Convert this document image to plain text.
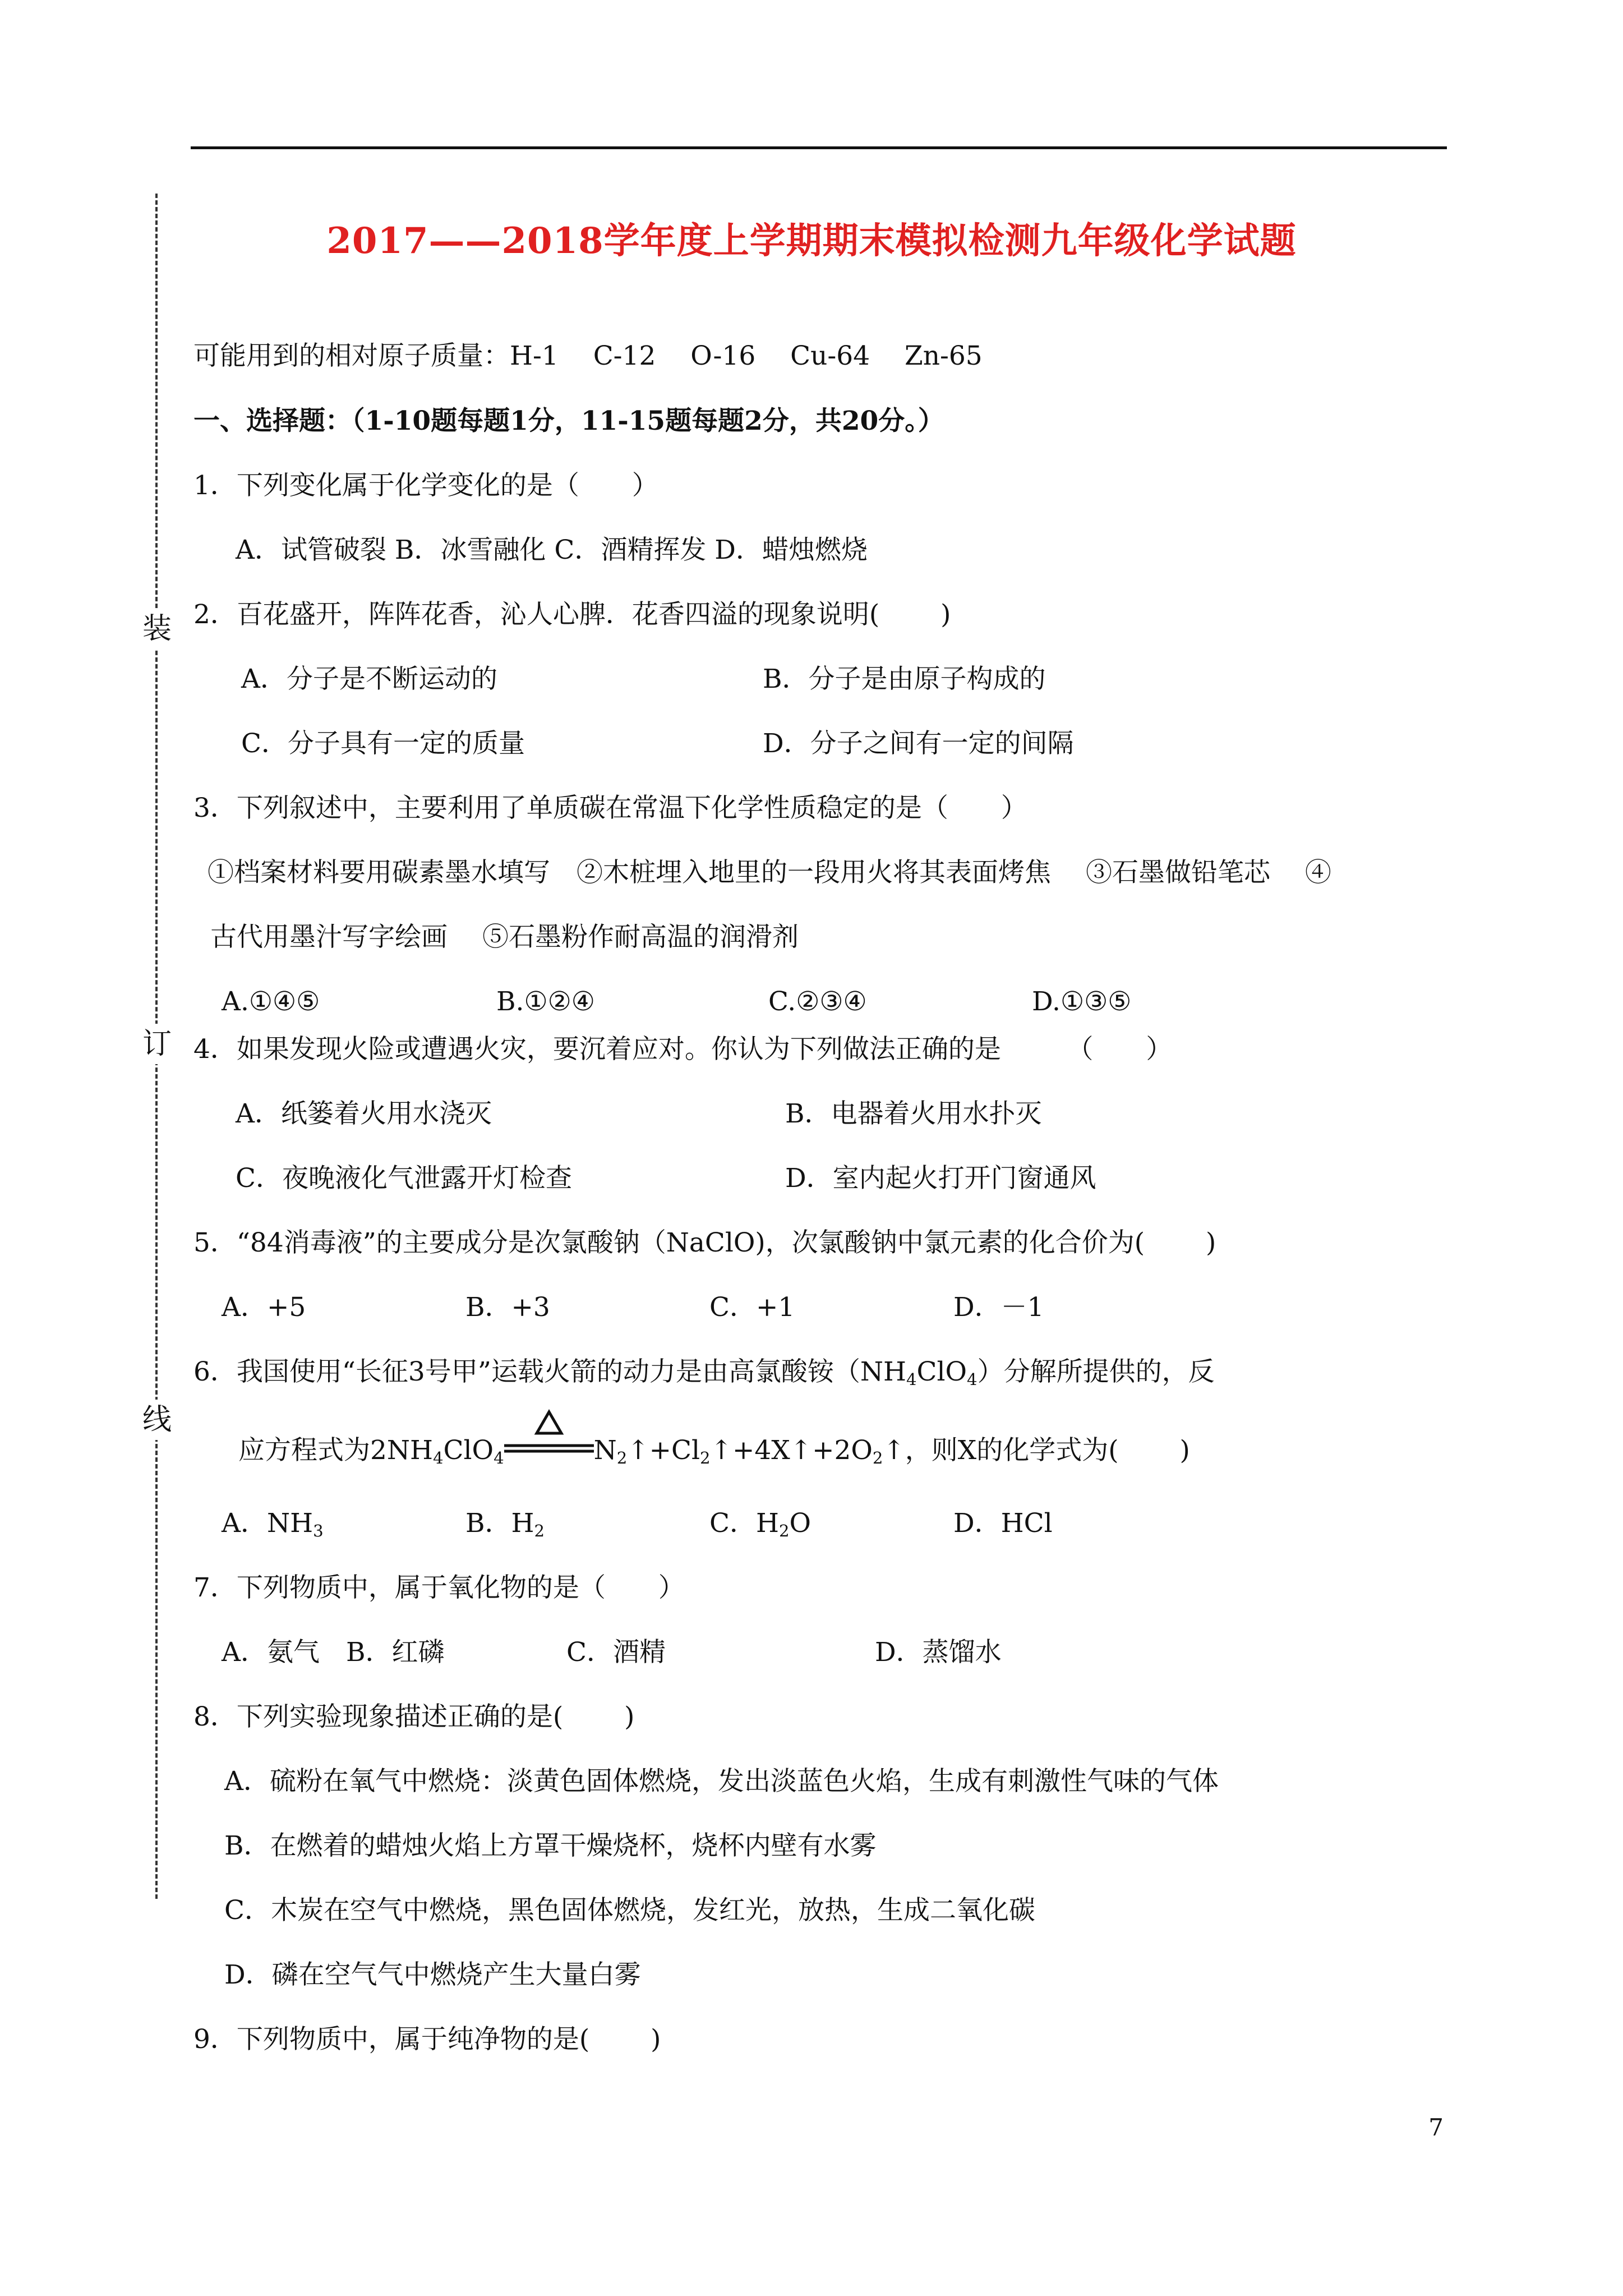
装
订
线
2017——2018学年度上学期期末模拟检测九年级化学试题
可能用到的相对原子质量：H-1　 C-12　 O-16　 Cu-64　 Zn-65
一、选择题：（1-10题每题1分，11-15题每题2分，共20分。）
1．下列变化属于化学变化的是（　　）
A．试管破裂 B．冰雪融化 C．酒精挥发 D．蜡烛燃烧
2．百花盛开，阵阵花香，沁人心脾．花香四溢的现象说明(　　 )
A．分子是不断运动的	B．分子是由原子构成的
C．分子具有一定的质量	D．分子之间有一定的间隔
3．下列叙述中，主要利用了单质碳在常温下化学性质稳定的是（　　）
①档案材料要用碳素墨水填写　②木桩埋入地里的一段用火将其表面烤焦　 ③石墨做铅笔芯　 ④
古代用墨汁写字绘画　 ⑤石墨粉作耐高温的润滑剂
A.①④⑤	B.①②④	C.②③④	D.①③⑤
4．如果发现火险或遭遇火灾，要沉着应对。你认为下列做法正确的是　　　（　　）
A．纸篓着火用水浇灭	B．电器着火用水扑灭
C．夜晚液化气泄露开灯检查	D．室内起火打开门窗通风
5．“84消毒液”的主要成分是次氯酸钠（NaClO)，次氯酸钠中氯元素的化合价为(　　 )
A．+5	B．+3	C．+1	D．－1
6．我国使用“长征3号甲”运载火箭的动力是由高氯酸铵$(NH_4ClO_4)$分解所提供的，反
应方程式为$2NH_4ClO_4$	$N_2↑+Cl_2↑+4X↑+2O_2↑$，则X的化学式为(　　 )
A．$NH_3$	B．$H_2$	C．$H_2O$	D．HCl
7．下列物质中，属于氧化物的是（　　）
A．氨气　B．红磷	C．酒精	D．蒸馏水
8．下列实验现象描述正确的是(　　 )
A．硫粉在氧气中燃烧：淡黄色固体燃烧，发出淡蓝色火焰，生成有刺激性气味的气体
B．在燃着的蜡烛火焰上方罩干燥烧杯，烧杯内壁有水雾
C．木炭在空气中燃烧，黑色固体燃烧，发红光，放热，生成二氧化碳
D．磷在空气气中燃烧产生大量白雾
9．下列物质中，属于纯净物的是(　　 )
7
